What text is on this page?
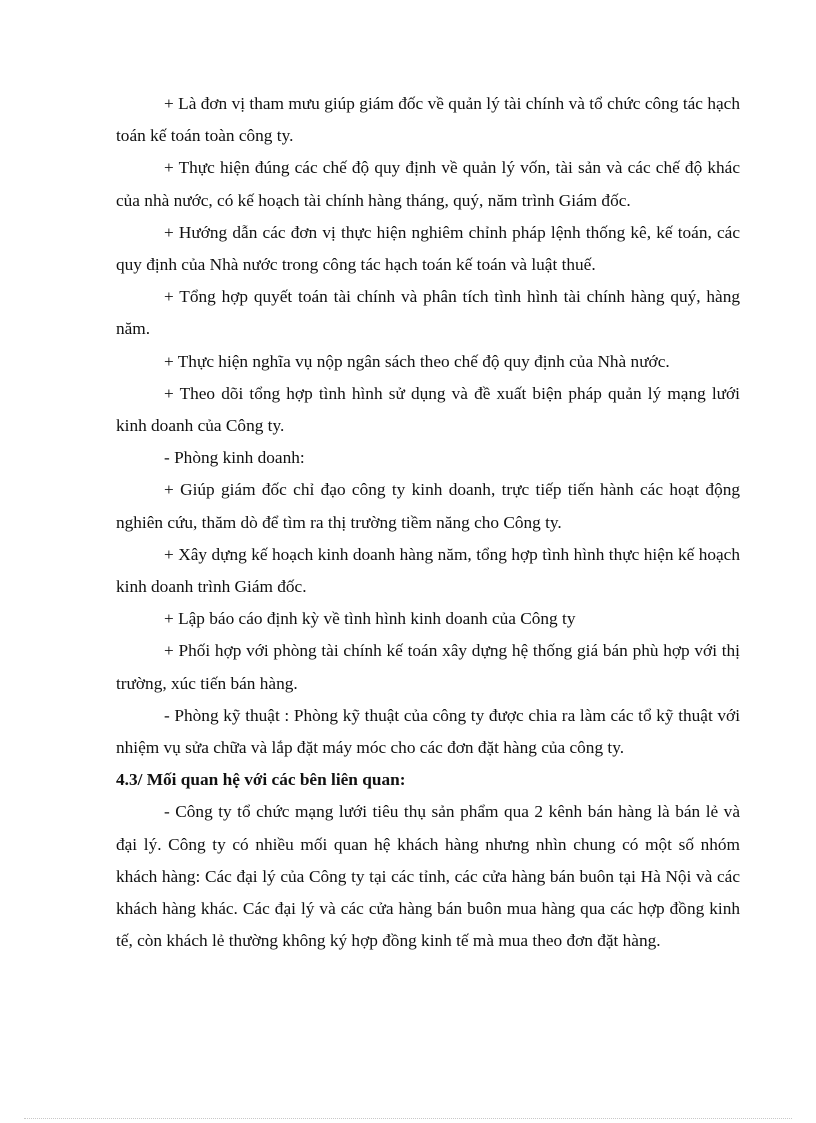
+ Là đơn vị tham mưu giúp giám đốc về quản lý tài chính và tổ chức công tác hạch toán kế toán toàn công ty.

+ Thực hiện đúng các chế độ quy định về quản lý vốn, tài sản và các chế độ khác của nhà nước, có kế hoạch tài chính hàng tháng, quý, năm trình Giám đốc.

+ Hướng dẫn các đơn vị thực hiện nghiêm chỉnh pháp lệnh thống kê, kế toán, các quy định của Nhà nước trong công tác hạch toán kế toán và luật thuế.

+ Tổng hợp quyết toán tài chính và phân tích tình hình tài chính hàng quý, hàng năm.

+ Thực hiện nghĩa vụ nộp ngân sách theo chế độ quy định của Nhà nước.

+ Theo dõi tổng hợp tình hình sử dụng và đề xuất biện pháp quản lý mạng lưới kinh doanh của Công ty.

- Phòng kinh doanh:

+ Giúp giám đốc chỉ đạo công ty kinh doanh, trực tiếp tiến hành các hoạt động nghiên cứu, thăm dò để tìm ra thị trường tiềm năng cho Công ty.

+ Xây dựng kế hoạch kinh doanh hàng năm, tổng hợp tình hình thực hiện kế hoạch kinh doanh trình Giám đốc.

+ Lập báo cáo định kỳ về tình hình kinh doanh của Công ty

+ Phối hợp với phòng tài chính kế toán xây dựng hệ thống giá bán phù hợp với thị trường, xúc tiến bán hàng.

- Phòng kỹ thuật : Phòng kỹ thuật của công ty được chia ra làm các tổ kỹ thuật với nhiệm vụ sửa chữa và lắp đặt máy móc cho các đơn đặt hàng của công ty.

4.3/ Mối quan hệ với các bên liên quan:

- Công ty tổ chức mạng lưới tiêu thụ sản phẩm qua 2 kênh bán hàng là bán lẻ và đại lý. Công ty có nhiều mối quan hệ khách hàng nhưng nhìn chung có một số nhóm khách hàng: Các đại lý của Công ty tại các tỉnh, các cửa hàng bán buôn tại Hà Nội và các khách hàng khác. Các đại lý và các cửa hàng bán buôn mua hàng qua các hợp đồng kinh tế, còn khách lẻ thường không ký hợp đồng kinh tế mà mua theo đơn đặt hàng.
